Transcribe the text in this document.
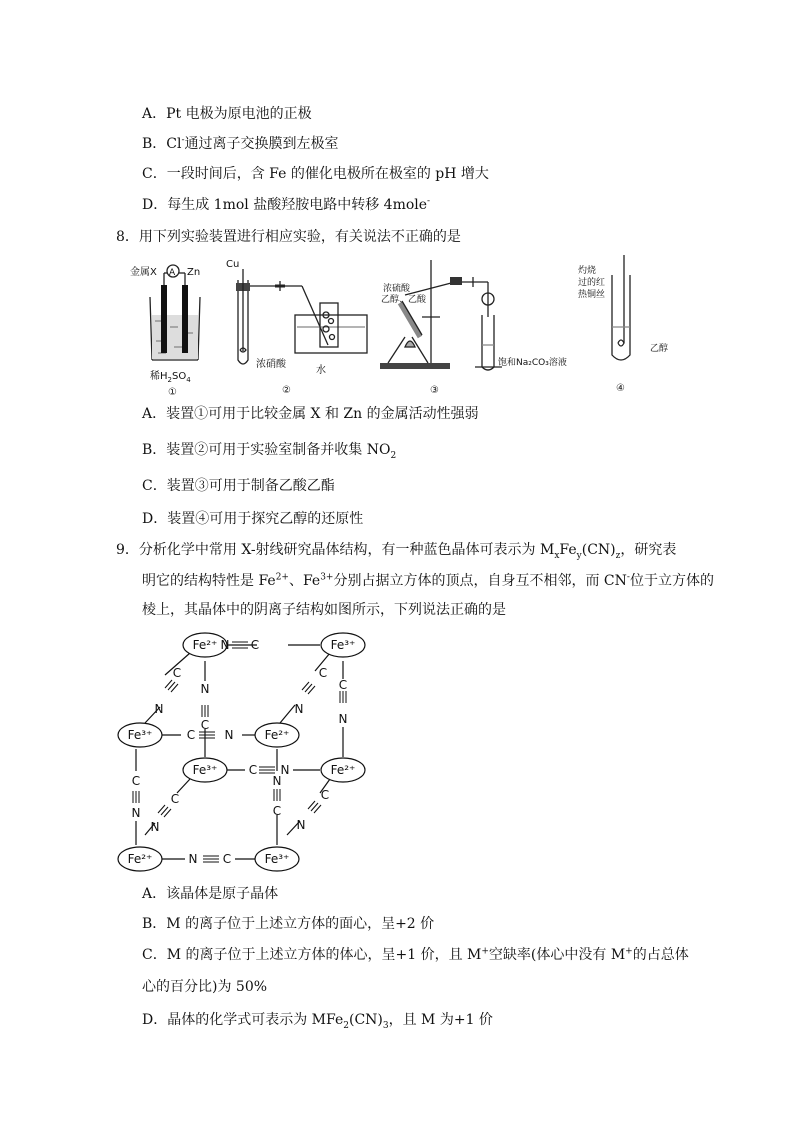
A．Pt 电极为原电池的正极
B．Cl-通过离子交换膜到左极室
C．一段时间后，含 Fe 的催化电极所在极室的 pH 增大
D．每生成 1mol 盐酸羟胺电路中转移 4mole-
8．用下列实验装置进行相应实验，有关说法不正确的是
金属X A Zn
稀$H_2SO_4$
①
Cu
浓硝酸
水
②
浓硫酸
乙醇、乙酸
饱和Na₂CO₃溶液
③
灼烧
过的红
热铜丝
乙醇
④
A．装置①可用于比较金属 X 和 Zn 的金属活动性强弱
B．装置②可用于实验室制备并收集 $NO_2$
C．装置③可用于制备乙酸乙酯
D．装置④可用于探究乙醇的还原性
9．分析化学中常用 X-射线研究晶体结构，有一种蓝色晶体可表示为 $M_xFe_y(CN)_z$，研究表
明它的结构特性是 $Fe^{2+}$、$Fe^{3+}$分别占据立方体的顶点，自身互不相邻，而 CN-位于立方体的
棱上，其晶体中的阴离子结构如图所示，下列说法正确的是
Fe²⁺	Fe³⁺
Fe³⁺	Fe²⁺
Fe³⁺	Fe²⁺
Fe²⁺	Fe³⁺
N C
N
C
N
C
N
C
C
N
C N
C N
C
N
N
C
C
N
C
N
N C
A．该晶体是原子晶体
B．M 的离子位于上述立方体的面心，呈+2 价
C．M 的离子位于上述立方体的体心，呈+1 价，且 M+空缺率(体心中没有 M+的占总体
心的百分比)为 50%
D．晶体的化学式可表示为 $MFe_2(CN)_3$，且 M 为+1 价
